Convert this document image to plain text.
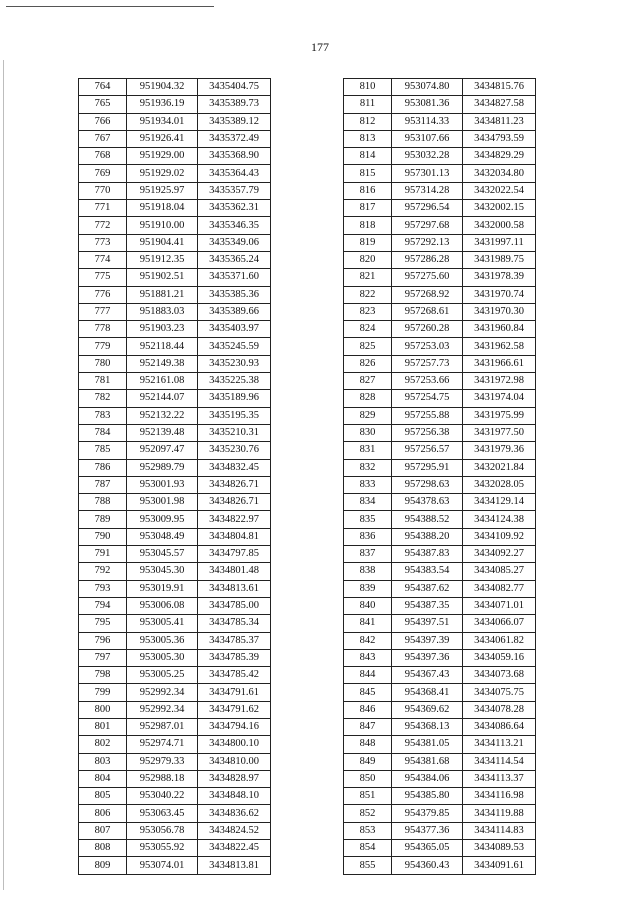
177
764	951904.32	3435404.75
765	951936.19	3435389.73
766	951934.01	3435389.12
767	951926.41	3435372.49
768	951929.00	3435368.90
769	951929.02	3435364.43
770	951925.97	3435357.79
771	951918.04	3435362.31
772	951910.00	3435346.35
773	951904.41	3435349.06
774	951912.35	3435365.24
775	951902.51	3435371.60
776	951881.21	3435385.36
777	951883.03	3435389.66
778	951903.23	3435403.97
779	952118.44	3435245.59
780	952149.38	3435230.93
781	952161.08	3435225.38
782	952144.07	3435189.96
783	952132.22	3435195.35
784	952139.48	3435210.31
785	952097.47	3435230.76
786	952989.79	3434832.45
787	953001.93	3434826.71
788	953001.98	3434826.71
789	953009.95	3434822.97
790	953048.49	3434804.81
791	953045.57	3434797.85
792	953045.30	3434801.48
793	953019.91	3434813.61
794	953006.08	3434785.00
795	953005.41	3434785.34
796	953005.36	3434785.37
797	953005.30	3434785.39
798	953005.25	3434785.42
799	952992.34	3434791.61
800	952992.34	3434791.62
801	952987.01	3434794.16
802	952974.71	3434800.10
803	952979.33	3434810.00
804	952988.18	3434828.97
805	953040.22	3434848.10
806	953063.45	3434836.62
807	953056.78	3434824.52
808	953055.92	3434822.45
809	953074.01	3434813.81
810	953074.80	3434815.76
811	953081.36	3434827.58
812	953114.33	3434811.23
813	953107.66	3434793.59
814	953032.28	3434829.29
815	957301.13	3432034.80
816	957314.28	3432022.54
817	957296.54	3432002.15
818	957297.68	3432000.58
819	957292.13	3431997.11
820	957286.28	3431989.75
821	957275.60	3431978.39
822	957268.92	3431970.74
823	957268.61	3431970.30
824	957260.28	3431960.84
825	957253.03	3431962.58
826	957257.73	3431966.61
827	957253.66	3431972.98
828	957254.75	3431974.04
829	957255.88	3431975.99
830	957256.38	3431977.50
831	957256.57	3431979.36
832	957295.91	3432021.84
833	957298.63	3432028.05
834	954378.63	3434129.14
835	954388.52	3434124.38
836	954388.20	3434109.92
837	954387.83	3434092.27
838	954383.54	3434085.27
839	954387.62	3434082.77
840	954387.35	3434071.01
841	954397.51	3434066.07
842	954397.39	3434061.82
843	954397.36	3434059.16
844	954367.43	3434073.68
845	954368.41	3434075.75
846	954369.62	3434078.28
847	954368.13	3434086.64
848	954381.05	3434113.21
849	954381.68	3434114.54
850	954384.06	3434113.37
851	954385.80	3434116.98
852	954379.85	3434119.88
853	954377.36	3434114.83
854	954365.05	3434089.53
855	954360.43	3434091.61
